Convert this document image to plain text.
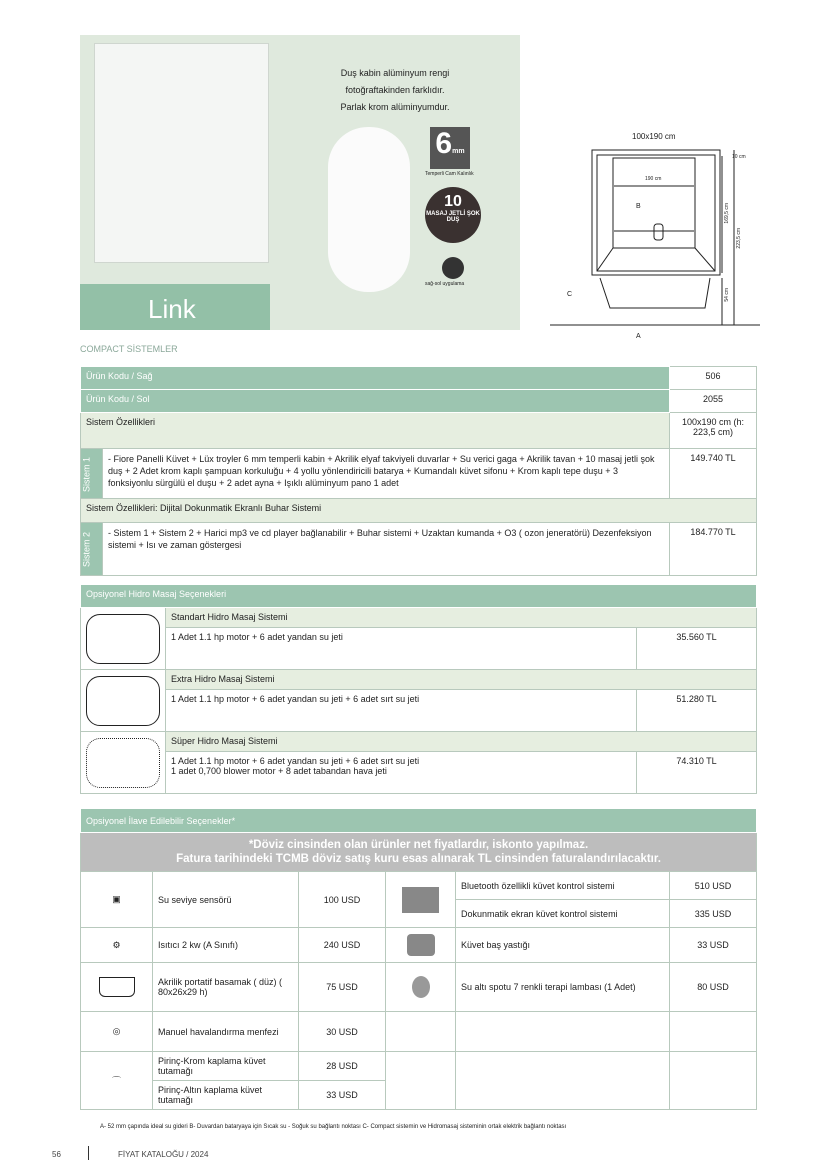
Link
Duş kabin alüminyum rengi
fotoğraftakinden farklıdır.
Parlak krom alüminyumdur.
6mm
Temperli Cam Kalınlık
10
MASAJ JETLİ ŞOK DUŞ
sağ-sol uygulama
100x190 cm
190 cm
10 cm
B
C
A
223,5 cm
169,5 cm
54 cm
COMPACT SİSTEMLER
Ürün Kodu / Sağ		506
Ürün Kodu / Sol		2055
Sistem Özellikleri		100x190 cm (h: 223,5 cm)
Sistem 1	- Fiore Panelli Küvet + Lüx troyler 6 mm temperli kabin + Akrilik elyaf takviyeli duvarlar + Su verici gaga + Akrilik tavan + 10 masaj jetli şok duş + 2 Adet krom kaplı şampuan korkuluğu + 4 yollu yönlendiricili batarya + Kumandalı küvet sifonu + Krom kaplı tepe duşu + 3 fonksiyonlu sürgülü el duşu + 2 adet ayna + Işıklı alüminyum pano 1 adet	149.740 TL
Sistem Özellikleri: Dijital Dokunmatik Ekranlı Buhar Sistemi		
Sistem 2	- Sistem 1 + Sistem 2 + Harici mp3 ve cd player bağlanabilir + Buhar sistemi + Uzaktan kumanda + O3 ( ozon jeneratörü) Dezenfeksiyon sistemi + Isı ve zaman göstergesi	184.770 TL
Opsiyonel Hidro Masaj Seçenekleri		

	Standart Hidro Masaj Sistemi	
	1 Adet 1.1 hp motor + 6 adet yandan su jeti	35.560 TL

	Extra Hidro Masaj Sistemi	
	1 Adet 1.1 hp motor + 6 adet yandan su jeti + 6 adet sırt su jeti	51.280 TL

	Süper Hidro Masaj Sistemi	

	1 Adet 1.1 hp motor + 6 adet yandan su jeti + 6 adet sırt su jeti
1 adet 0,700 blower motor + 8 adet tabandan hava jeti	74.310 TL
Opsiyonel İlave Edilebilir Seçenekler*					

*Döviz cinsinden olan ürünler net fiyatlardır, iskonto yapılmaz.
Fatura tarihindeki TCMB döviz satış kuru esas alınarak TL cinsinden faturalandırılacaktır.					

▣	Su seviye sensörü	100 USD		Bluetooth özellikli küvet kontrol sistemi	510 USD
				Dokunmatik ekran küvet kontrol sistemi	335 USD
⚙	Isıtıcı 2 kw (A Sınıfı)	240 USD		Küvet baş yastığı	33 USD

	Akrilik portatif basamak ( düz) ( 80x26x29 h)	75 USD		Su altı spotu 7 renkli terapi lambası (1 Adet)	80 USD
◎	Manuel havalandırma menfezi	30 USD			
⌒	Pirinç-Krom kaplama küvet tutamağı	28 USD			
	Pirinç-Altın kaplama küvet tutamağı	33 USD			
A- 52 mm çapında ideal su gideri B- Duvardan bataryaya için Sıcak su - Soğuk su bağlantı noktası C- Compact sistemin ve Hidromasaj sisteminin ortak elektrik bağlantı noktası
56	FİYAT KATALOĞU / 2024
